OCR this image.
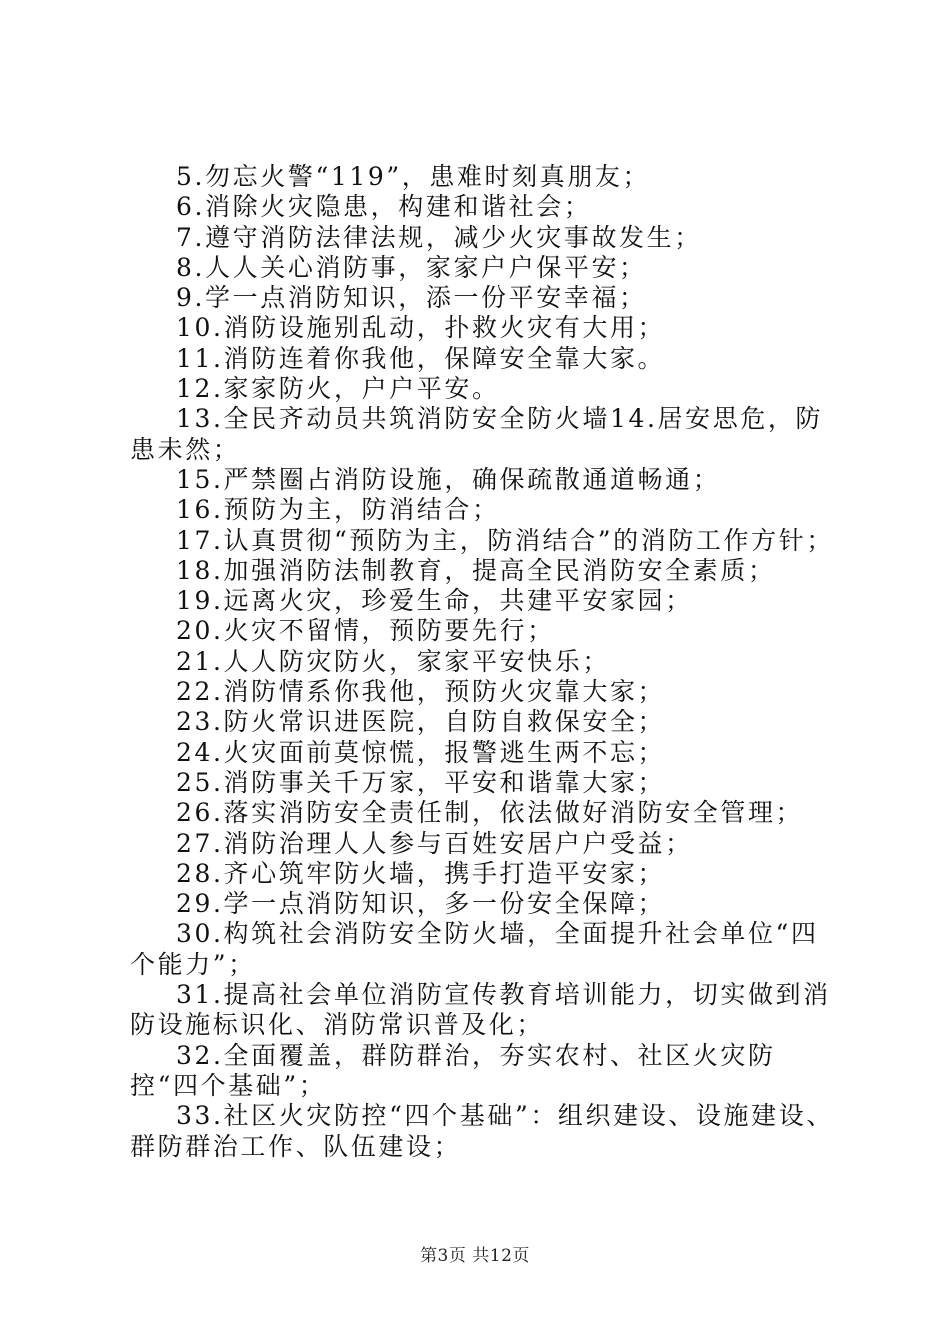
5.勿忘火警“119”，患难时刻真朋友；

6.消除火灾隐患，构建和谐社会；

7.遵守消防法律法规，减少火灾事故发生；

8.人人关心消防事，家家户户保平安；

9.学一点消防知识，添一份平安幸福；

10.消防设施别乱动，扑救火灾有大用；

11.消防连着你我他，保障安全靠大家。

12.家家防火，户户平安。

13.全民齐动员共筑消防安全防火墙14.居安思危，防患未然；

15.严禁圈占消防设施，确保疏散通道畅通；

16.预防为主，防消结合；

17.认真贯彻“预防为主，防消结合”的消防工作方针；

18.加强消防法制教育，提高全民消防安全素质；

19.远离火灾，珍爱生命，共建平安家园；

20.火灾不留情，预防要先行；

21.人人防灾防火，家家平安快乐；

22.消防情系你我他，预防火灾靠大家；

23.防火常识进医院，自防自救保安全；

24.火灾面前莫惊慌，报警逃生两不忘；

25.消防事关千万家，平安和谐靠大家；

26.落实消防安全责任制，依法做好消防安全管理；

27.消防治理人人参与百姓安居户户受益；

28.齐心筑牢防火墙，携手打造平安家；

29.学一点消防知识，多一份安全保障；

30.构筑社会消防安全防火墙，全面提升社会单位“四个能力”；

31.提高社会单位消防宣传教育培训能力，切实做到消防设施标识化、消防常识普及化；

32.全面覆盖，群防群治，夯实农村、社区火灾防控“四个基础”；

33.社区火灾防控“四个基础”：组织建设、设施建设、群防群治工作、队伍建设；

第3页 共12页
